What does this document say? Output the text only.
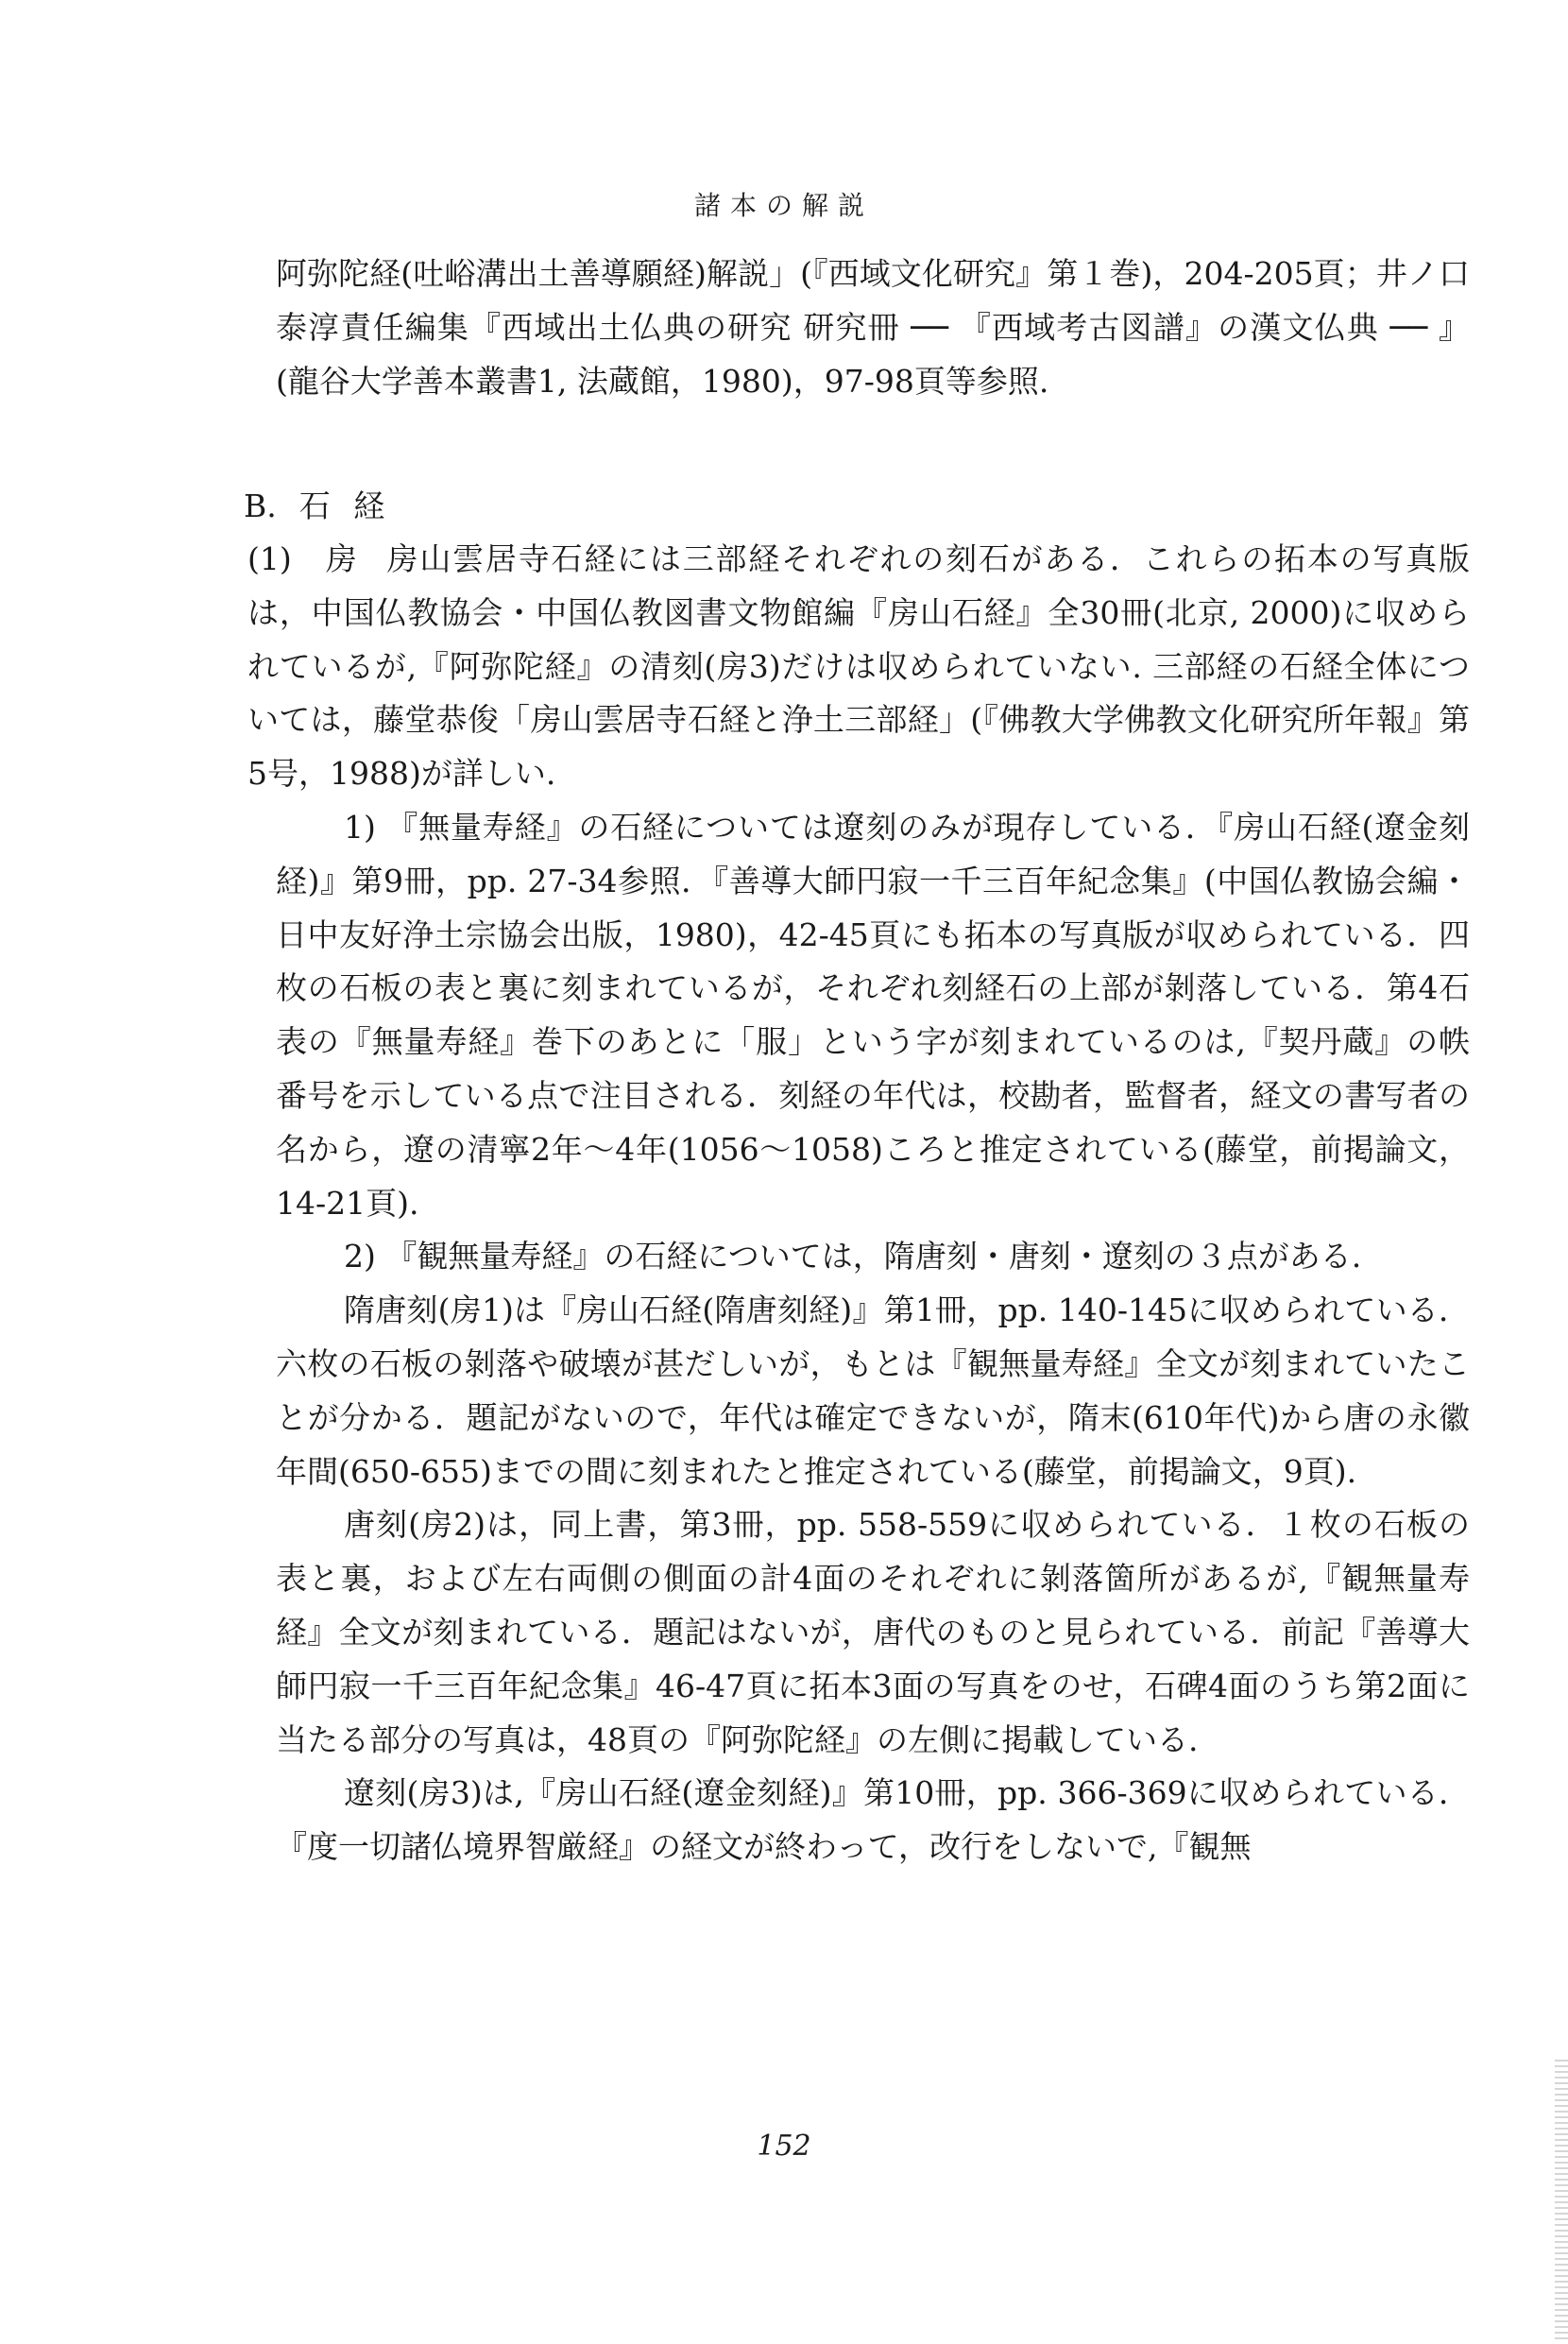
諸本の解説

阿弥陀経(吐峪溝出土善導願経)解説」(『西域文化研究』第１巻)，204-205頁；井ノ口泰淳責任編集『西域出土仏典の研究 研究冊 ── 『西域考古図譜』の漢文仏典 ── 』(龍谷大学善本叢書1, 法蔵館，1980)，97-98頁等参照.

B. 石 経

(1) 房 房山雲居寺石経には三部経それぞれの刻石がある．これらの拓本の写真版は，中国仏教協会・中国仏教図書文物館編『房山石経』全30冊(北京, 2000)に収められているが,『阿弥陀経』の清刻(房3)だけは収められていない. 三部経の石経全体については，藤堂恭俊「房山雲居寺石経と浄土三部経」(『佛教大学佛教文化研究所年報』第5号，1988)が詳しい.

1) 『無量寿経』の石経については遼刻のみが現存している．『房山石経(遼金刻経)』第9冊，pp. 27-34参照．『善導大師円寂一千三百年紀念集』(中国仏教協会編・日中友好浄土宗協会出版，1980)，42-45頁にも拓本の写真版が収められている．四枚の石板の表と裏に刻まれているが，それぞれ刻経石の上部が剝落している．第4石表の『無量寿経』巻下のあとに「服」という字が刻まれているのは,『契丹蔵』の帙番号を示している点で注目される．刻経の年代は，校勘者，監督者，経文の書写者の名から，遼の清寧2年～4年(1056～1058)ころと推定されている(藤堂，前掲論文，14-21頁).

2) 『観無量寿経』の石経については，隋唐刻・唐刻・遼刻の３点がある.

隋唐刻(房1)は『房山石経(隋唐刻経)』第1冊，pp. 140-145に収められている．六枚の石板の剝落や破壊が甚だしいが，もとは『観無量寿経』全文が刻まれていたことが分かる．題記がないので，年代は確定できないが，隋末(610年代)から唐の永徽年間(650-655)までの間に刻まれたと推定されている(藤堂，前掲論文，9頁).

唐刻(房2)は，同上書，第3冊，pp. 558-559に収められている．１枚の石板の表と裏，および左右両側の側面の計4面のそれぞれに剝落箇所があるが,『観無量寿経』全文が刻まれている．題記はないが，唐代のものと見られている．前記『善導大師円寂一千三百年紀念集』46-47頁に拓本3面の写真をのせ，石碑4面のうち第2面に当たる部分の写真は，48頁の『阿弥陀経』の左側に掲載している.

遼刻(房3)は,『房山石経(遼金刻経)』第10冊，pp. 366-369に収められている．『度一切諸仏境界智厳経』の経文が終わって，改行をしないで,『観無

152
